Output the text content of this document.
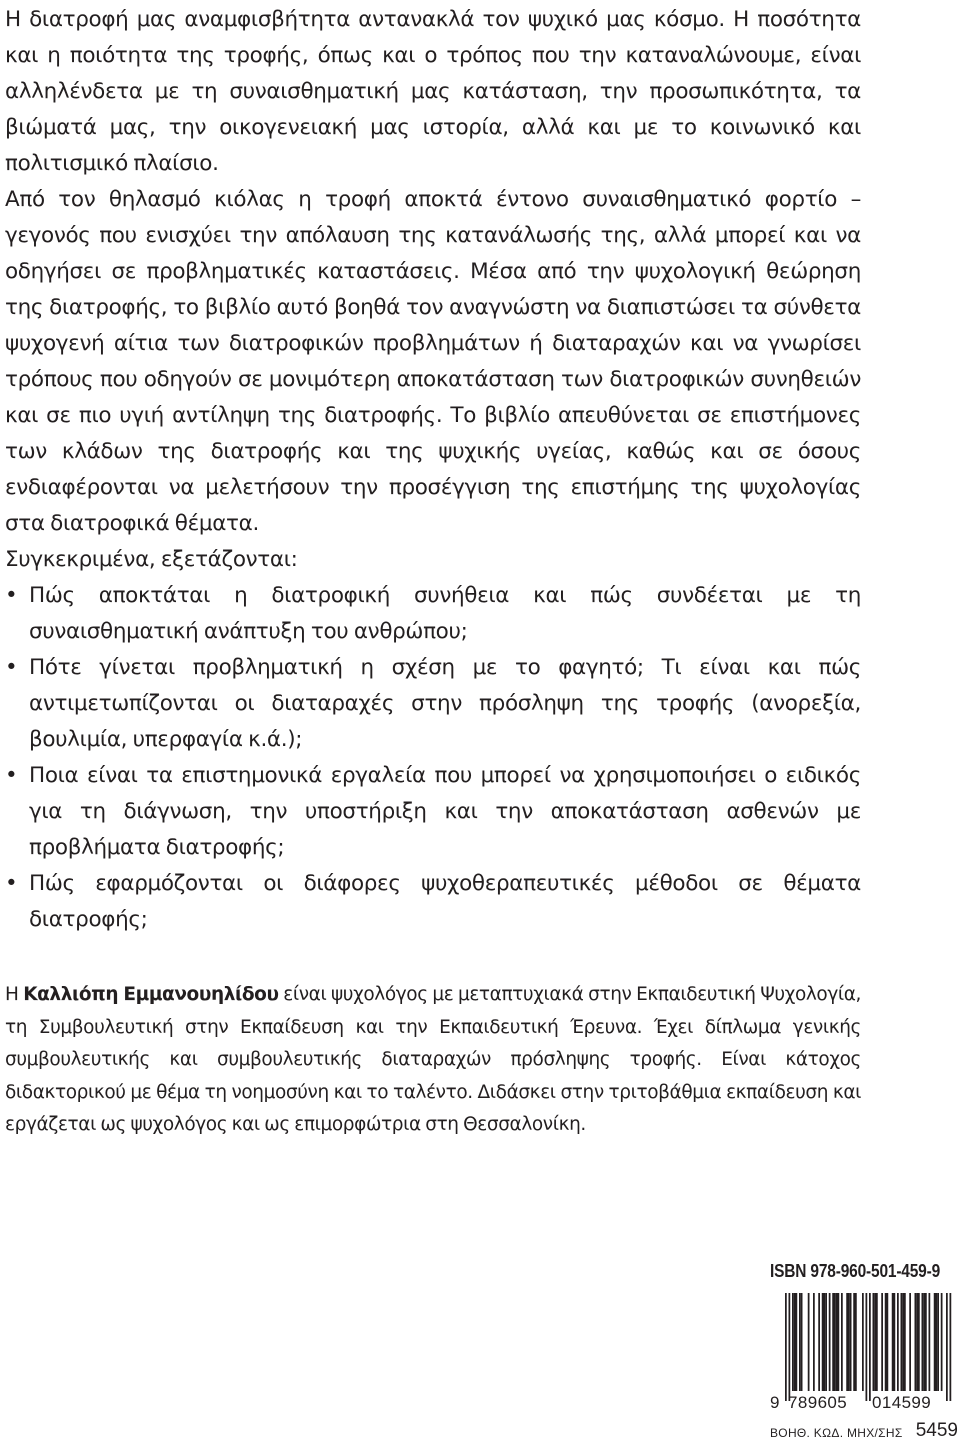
Η διατροφή μας αναμφισβήτητα αντανακλά τον ψυχικό μας κόσμο. Η ποσότητα και η ποιότητα της τροφής, όπως και ο τρόπος που την καταναλώνουμε, είναι αλληλένδετα με τη συναισθηματική μας κατάσταση, την προσωπικότητα, τα βιώματά μας, την οικογενειακή μας ιστορία, αλλά και με το κοινωνικό και πολιτισμικό πλαίσιο.

Από τον θηλασμό κιόλας η τροφή αποκτά έντονο συναισθηματικό φορτίο – γεγονός που ενισχύει την απόλαυση της κατανάλωσής της, αλλά μπορεί και να οδηγήσει σε προβληματικές καταστάσεις. Μέσα από την ψυχολογική θεώρηση της διατροφής, το βιβλίο αυτό βοηθά τον αναγνώστη να διαπιστώσει τα σύνθετα ψυχογενή αίτια των διατροφικών προβλημάτων ή διαταραχών και να γνωρίσει τρόπους που οδηγούν σε μονιμότερη αποκατάσταση των διατροφικών συνηθειών και σε πιο υγιή αντίληψη της διατροφής. Το βιβλίο απευθύνεται σε επιστήμονες των κλάδων της διατροφής και της ψυχικής υγείας, καθώς και σε όσους ενδιαφέρονται να μελετήσουν την προσέγγιση της επιστήμης της ψυχολογίας στα διατροφικά θέματα.

Συγκεκριμένα, εξετάζονται:

• Πώς αποκτάται η διατροφική συνήθεια και πώς συνδέεται με τη συναισθηματική ανάπτυξη του ανθρώπου;
• Πότε γίνεται προβληματική η σχέση με το φαγητό; Τι είναι και πώς αντιμετωπίζονται οι διαταραχές στην πρόσληψη της τροφής (ανορεξία, βουλιμία, υπερφαγία κ.ά.);
• Ποια είναι τα επιστημονικά εργαλεία που μπορεί να χρησιμοποιήσει ο ειδικός για τη διάγνωση, την υποστήριξη και την αποκατάσταση ασθενών με προβλήματα διατροφής;
• Πώς εφαρμόζονται οι διάφορες ψυχοθεραπευτικές μέθοδοι σε θέματα διατροφής;

Η Καλλιόπη Εμμανουηλίδου είναι ψυχολόγος με μεταπτυχιακά στην Εκπαιδευτική Ψυχολογία, τη Συμβουλευτική στην Εκπαίδευση και την Εκπαιδευτική Έρευνα. Έχει δίπλωμα γενικής συμβουλευτικής και συμβουλευτικής διαταραχών πρόσληψης τροφής. Είναι κάτοχος διδακτορικού με θέμα τη νοημοσύνη και το ταλέντο. Διδάσκει στην τριτοβάθμια εκπαίδευση και εργάζεται ως ψυχολόγος και ως επιμορφώτρια στη Θεσσαλονίκη.

ISBN 978-960-501-459-9
9 789605 014599
ΒΟΗΘ. ΚΩΔ. ΜΗΧ/ΣΗΣ 5459
